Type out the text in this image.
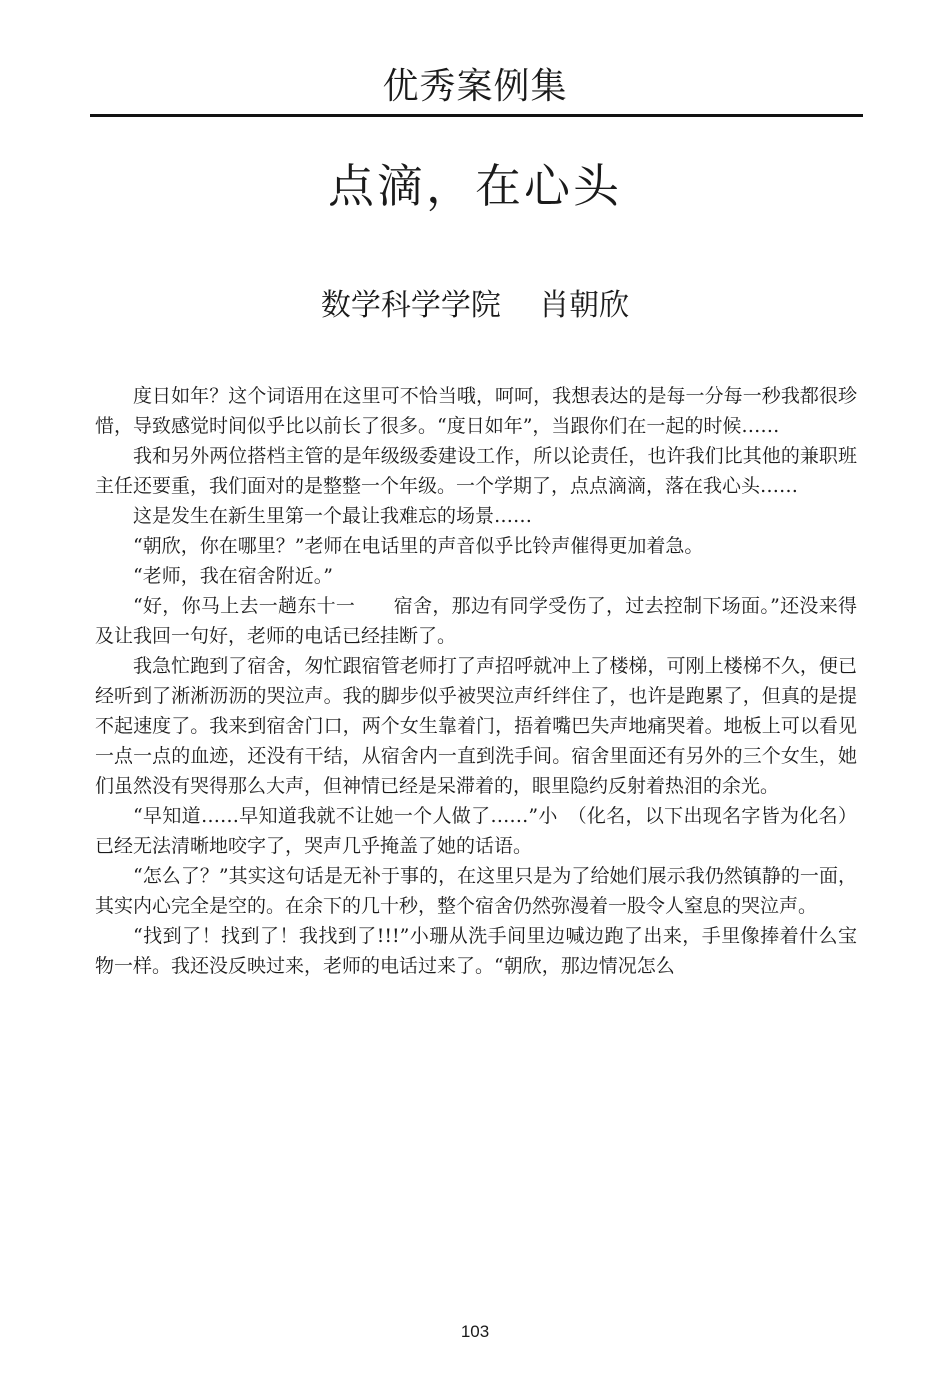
优秀案例集
点滴，在心头
数学科学学院    肖朝欣

度日如年？这个词语用在这里可不恰当哦，呵呵，我想表达的是每一分每一秒我都很珍惜，导致感觉时间似乎比以前长了很多。“度日如年”，当跟你们在一起的时候……

我和另外两位搭档主管的是年级级委建设工作，所以论责任，也许我们比其他的兼职班主任还要重，我们面对的是整整一个年级。一个学期了，点点滴滴，落在我心头……

这是发生在新生里第一个最让我难忘的场景……

“朝欣，你在哪里？”老师在电话里的声音似乎比铃声催得更加着急。

“老师，我在宿舍附近。”

“好，你马上去一趟东十一　　宿舍，那边有同学受伤了，过去控制下场面。”还没来得及让我回一句好，老师的电话已经挂断了。

我急忙跑到了宿舍，匆忙跟宿管老师打了声招呼就冲上了楼梯，可刚上楼梯不久，便已经听到了淅淅沥沥的哭泣声。我的脚步似乎被哭泣声纤绊住了，也许是跑累了，但真的是提不起速度了。我来到宿舍门口，两个女生靠着门，捂着嘴巴失声地痛哭着。地板上可以看见一点一点的血迹，还没有干结，从宿舍内一直到洗手间。宿舍里面还有另外的三个女生，她们虽然没有哭得那么大声，但神情已经是呆滞着的，眼里隐约反射着热泪的余光。

“早知道……早知道我就不让她一个人做了……”小　（化名，以下出现名字皆为化名）已经无法清晰地咬字了，哭声几乎掩盖了她的话语。

“怎么了？”其实这句话是无补于事的，在这里只是为了给她们展示我仍然镇静的一面，其实内心完全是空的。在余下的几十秒，整个宿舍仍然弥漫着一股令人窒息的哭泣声。

“找到了！找到了！我找到了!!!”小珊从洗手间里边喊边跑了出来，手里像捧着什么宝物一样。我还没反映过来，老师的电话过来了。“朝欣，那边情况怎么

103
